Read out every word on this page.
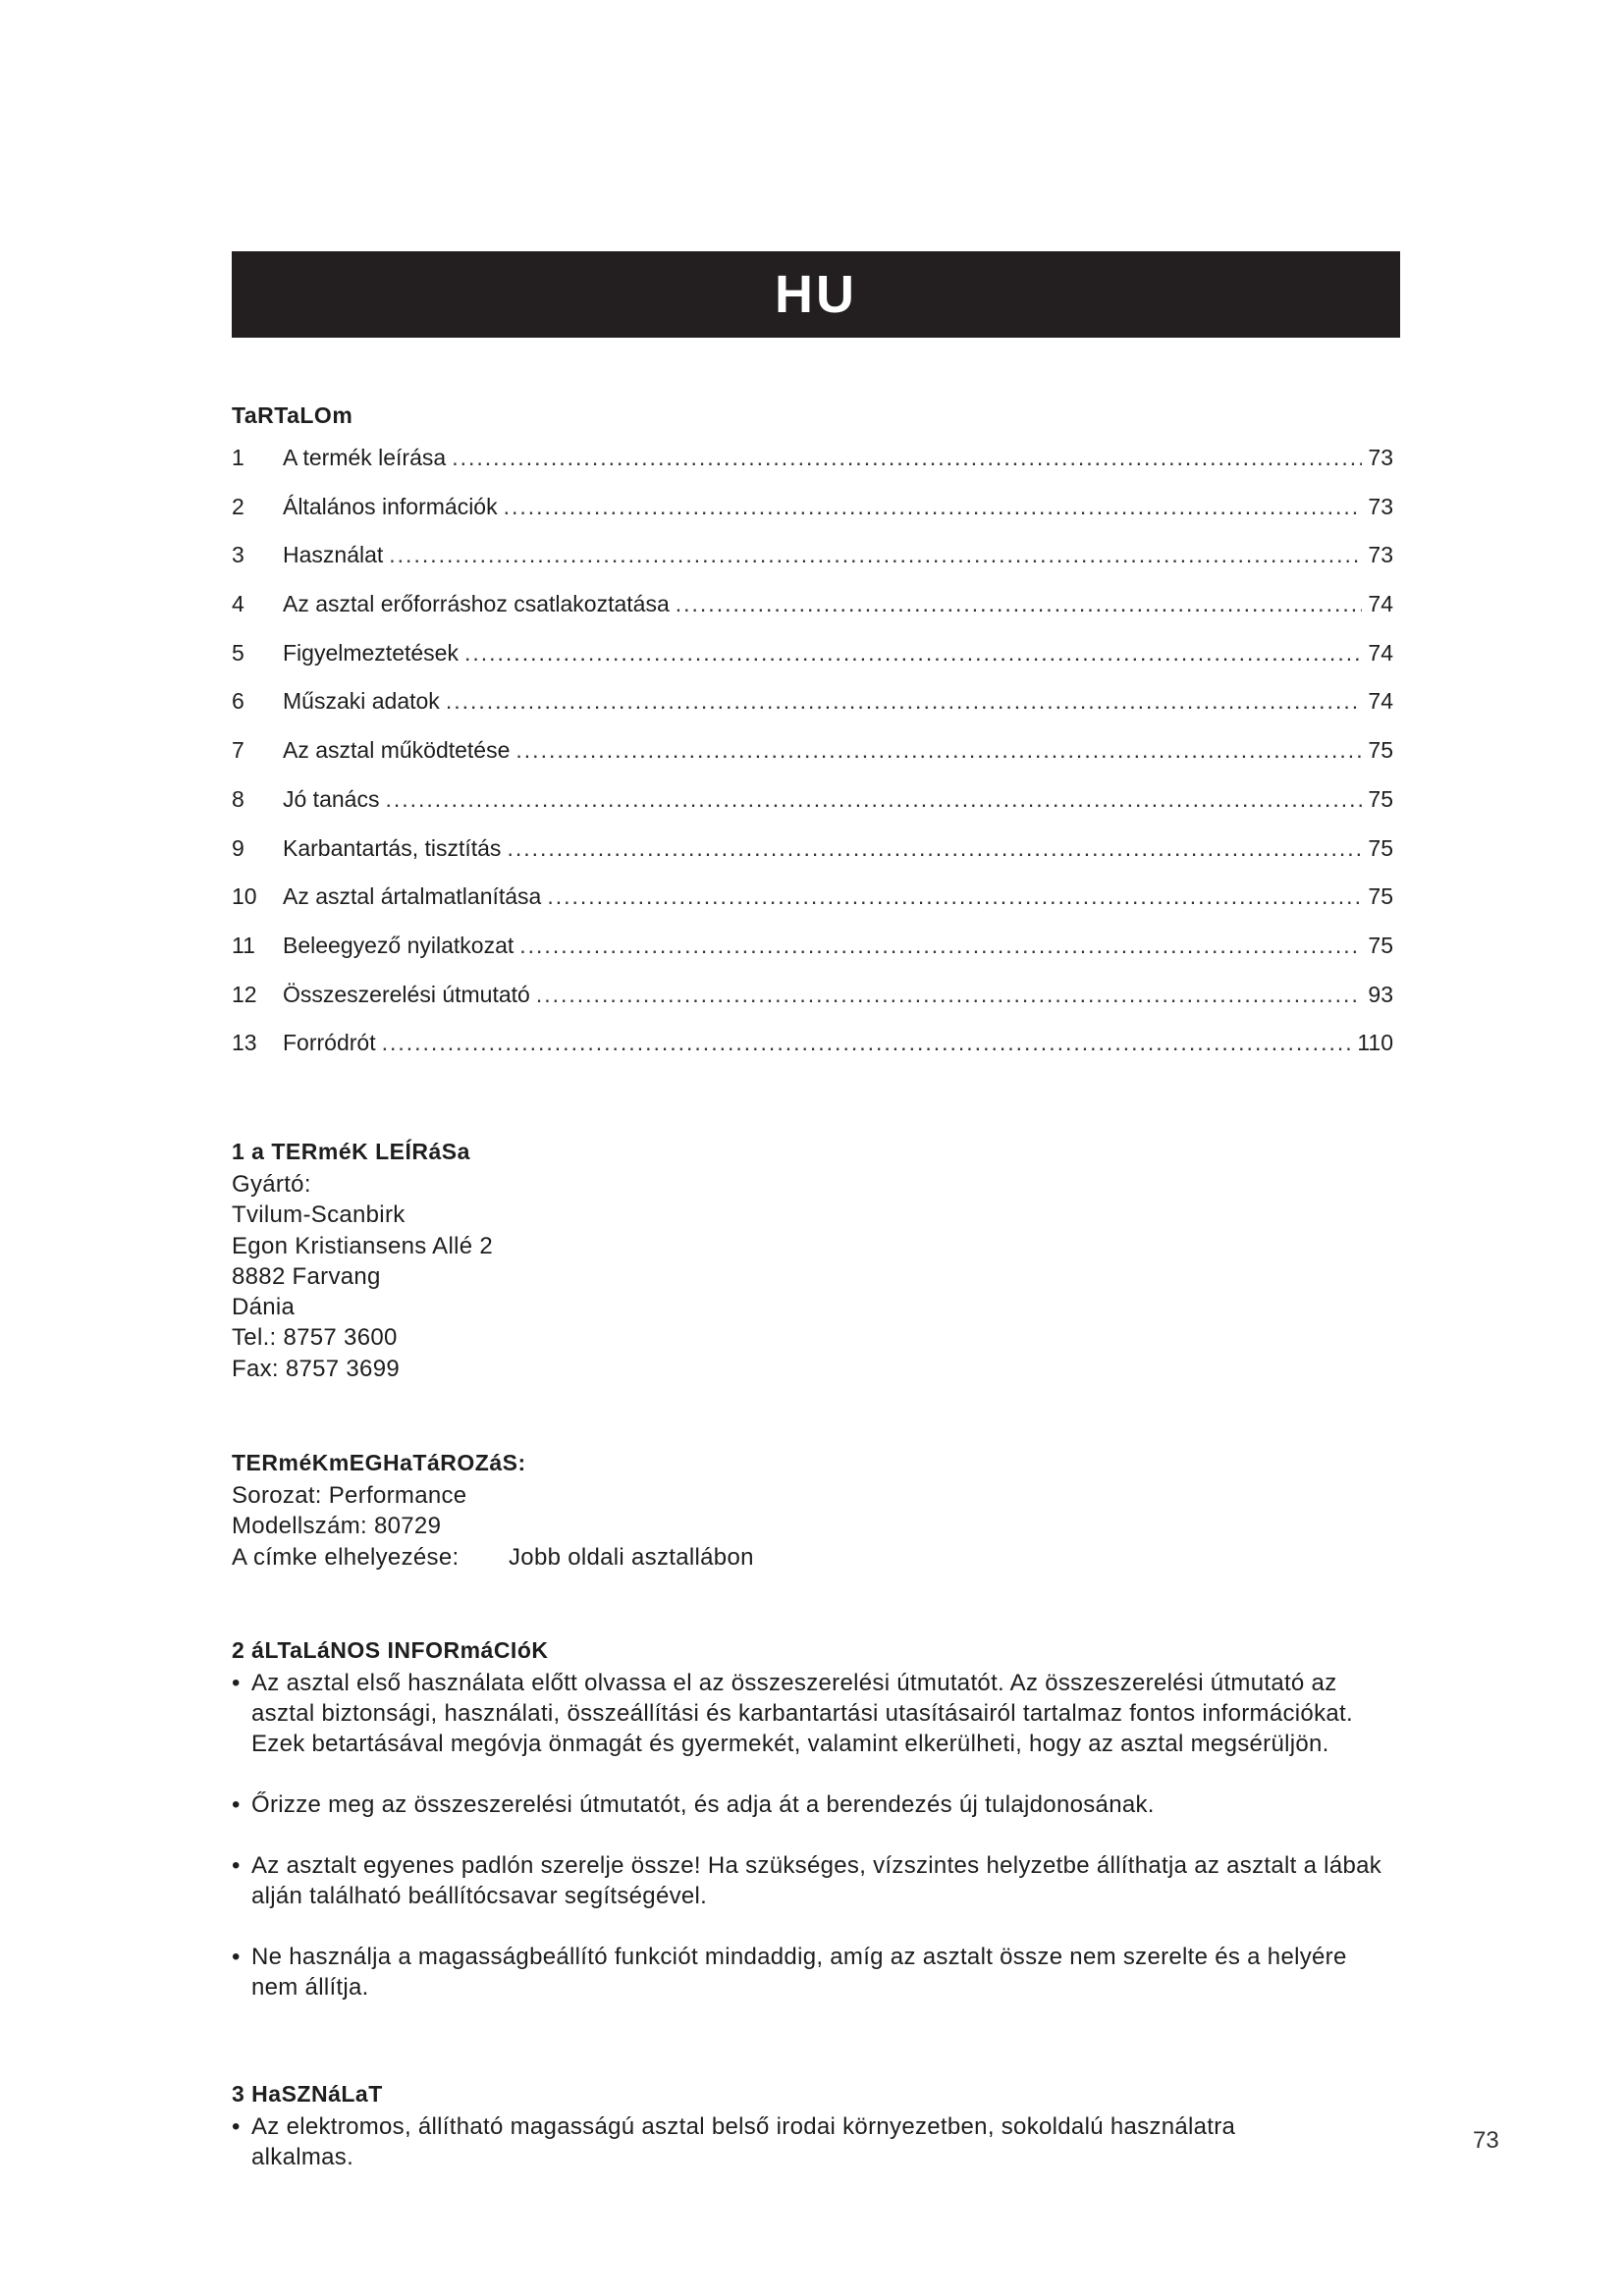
HU
TaRTaLOm
1	A termék leírása .....	73
2	Általános információk .....	73
3	Használat .....	73
4	Az asztal erőforráshoz csatlakoztatása .....	74
5	Figyelmeztetések .....	74
6	Műszaki adatok .....	74
7	Az asztal működtetése .....	75
8	Jó tanács .....	75
9	Karbantartás, tisztítás .....	75
10	Az asztal ártalmatlanítása .....	75
11	Beleegyező nyilatkozat .....	75
12	Összeszerelési útmutató .....	93
13	Forródrót .....	110
1 a TERméK LEÍRáSa
Gyártó:
Tvilum-Scanbirk
Egon Kristiansens Allé 2
8882 Farvang
Dánia
Tel.: 8757 3600
Fax: 8757 3699
TERméKmEGHaTáROZáS:
Sorozat: Performance
Modellszám: 80729
A címke elhelyezése:	Jobb oldali asztallábon
2 áLTaLáNOS INFORmáCIóK
• Az asztal első használata előtt olvassa el az összeszerelési útmutatót. Az összeszerelési útmutató az asztal biztonsági, használati, összeállítási és karbantartási utasításairól tartalmaz fontos információkat. Ezek betartásával megóvja önmagát és gyermekét, valamint elkerülheti, hogy az asztal megsérüljön.
• Őrizze meg az összeszerelési útmutatót, és adja át a berendezés új tulajdonosának.
• Az asztalt egyenes padlón szerelje össze! Ha szükséges, vízszintes helyzetbe állíthatja az asztalt a lábak alján található beállítócsavar segítségével.
• Ne használja a magasságbeállító funkciót mindaddig, amíg az asztalt össze nem szerelte és a helyére nem állítja.
3 HaSZNáLaT
• Az elektromos, állítható magasságú asztal belső irodai környezetben, sokoldalú használatra alkalmas.
73
